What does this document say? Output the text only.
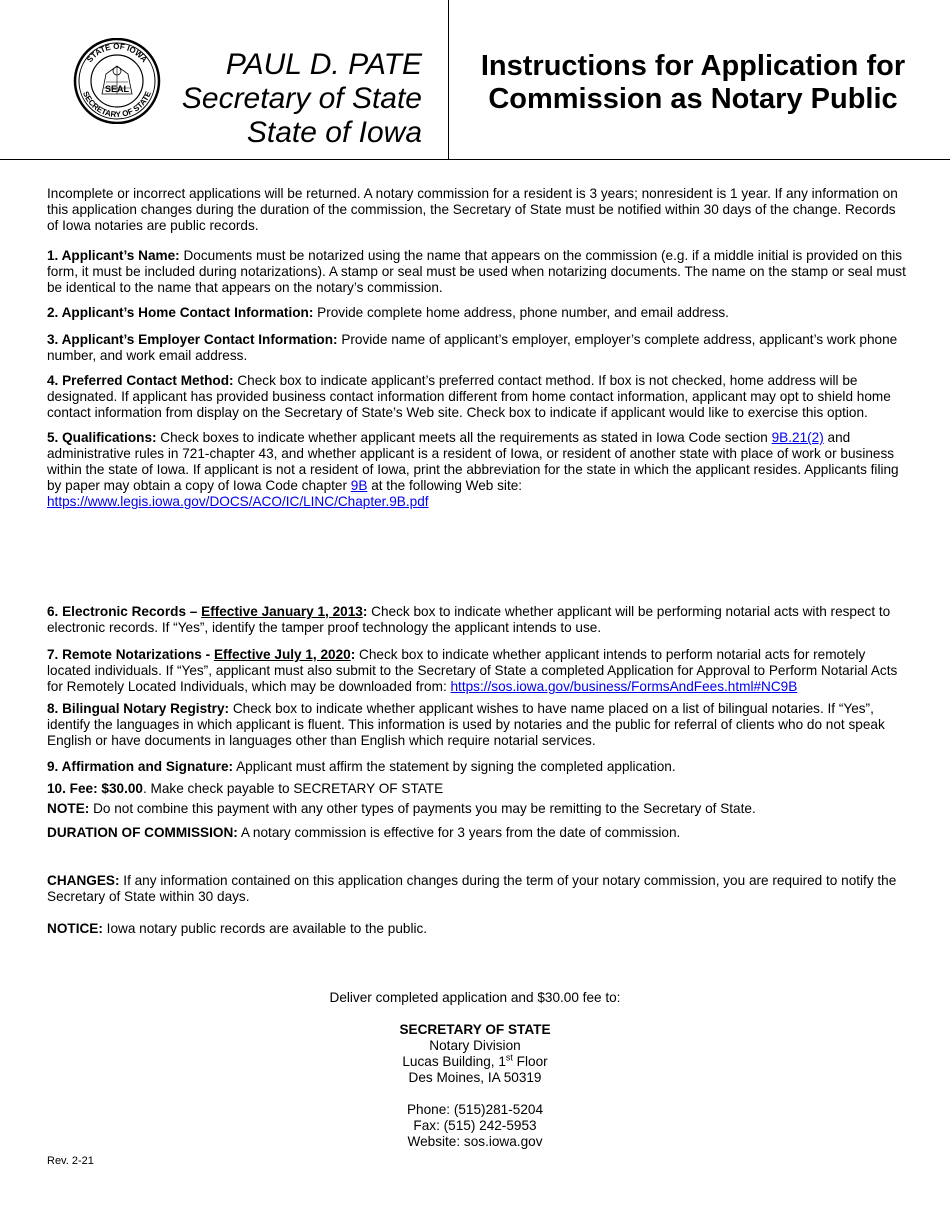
STATE OF IOWA
SECRETARY OF STATE
SEAL
PAUL D. PATE
Secretary of State
State of Iowa
Instructions for Application for
Commission as Notary Public

Incomplete or incorrect applications will be returned. A notary commission for a resident is 3 years; nonresident is 1 year. If any information on this application changes during the duration of the commission, the Secretary of State must be notified within 30 days of the change. Records of Iowa notaries are public records.

1. Applicant’s Name: Documents must be notarized using the name that appears on the commission (e.g. if a middle initial is provided on this form, it must be included during notarizations). A stamp or seal must be used when notarizing documents. The name on the stamp or seal must be identical to the name that appears on the notary’s commission.

2. Applicant’s Home Contact Information: Provide complete home address, phone number, and email address.

3. Applicant’s Employer Contact Information: Provide name of applicant’s employer, employer’s complete address, applicant’s work phone number, and work email address.

4. Preferred Contact Method: Check box to indicate applicant’s preferred contact method. If box is not checked, home address will be designated. If applicant has provided business contact information different from home contact information, applicant may opt to shield home contact information from display on the Secretary of State’s Web site. Check box to indicate if applicant would like to exercise this option.

5. Qualifications: Check boxes to indicate whether applicant meets all the requirements as stated in Iowa Code section 9B.21(2) and administrative rules in 721-chapter 43, and whether applicant is a resident of Iowa, or resident of another state with place of work or business within the state of Iowa. If applicant is not a resident of Iowa, print the abbreviation for the state in which the applicant resides. Applicants filing by paper may obtain a copy of Iowa Code chapter 9B at the following Web site: https://www.legis.iowa.gov/DOCS/ACO/IC/LINC/Chapter.9B.pdf

6. Electronic Records – Effective January 1, 2013: Check box to indicate whether applicant will be performing notarial acts with respect to electronic records. If “Yes”, identify the tamper proof technology the applicant intends to use.

7. Remote Notarizations - Effective July 1, 2020: Check box to indicate whether applicant intends to perform notarial acts for remotely located individuals. If “Yes”, applicant must also submit to the Secretary of State a completed Application for Approval to Perform Notarial Acts for Remotely Located Individuals, which may be downloaded from: https://sos.iowa.gov/business/FormsAndFees.html#NC9B

8. Bilingual Notary Registry: Check box to indicate whether applicant wishes to have name placed on a list of bilingual notaries. If “Yes”, identify the languages in which applicant is fluent. This information is used by notaries and the public for referral of clients who do not speak English or have documents in languages other than English which require notarial services.

9. Affirmation and Signature: Applicant must affirm the statement by signing the completed application.

10. Fee: $30.00. Make check payable to SECRETARY OF STATE

NOTE: Do not combine this payment with any other types of payments you may be remitting to the Secretary of State.

DURATION OF COMMISSION: A notary commission is effective for 3 years from the date of commission.

CHANGES: If any information contained on this application changes during the term of your notary commission, you are required to notify the Secretary of State within 30 days.

NOTICE: Iowa notary public records are available to the public.

Deliver completed application and $30.00 fee to:
SECRETARY OF STATE
Notary Division
Lucas Building, 1st Floor
Des Moines, IA 50319
Phone: (515)281-5204
Fax: (515) 242-5953
Website: sos.iowa.gov
Rev. 2-21
